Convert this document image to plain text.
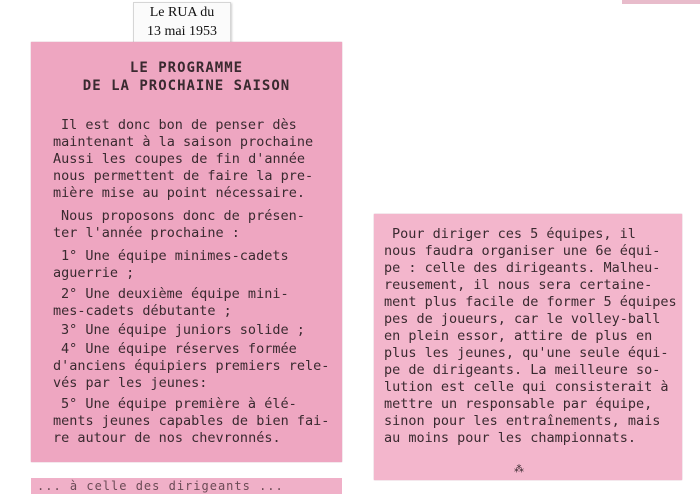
Le RUA du
13 mai 1953
LE PROGRAMME
DE LA PROCHAINE SAISON
Il est donc bon de penser dès
maintenant à la saison prochaine
Aussi les coupes de fin d'année
nous permettent de faire la pre-
mière mise au point nécessaire.
Nous proposons donc de présen-
ter l'année prochaine :
1° Une équipe minimes-cadets
aguerrie ;
2° Une deuxième équipe mini-
mes-cadets débutante ;
3° Une équipe juniors solide ;
4° Une équipe réserves formée
d'anciens équipiers premiers rele-
vés par les jeunes:
5° Une équipe première à élé-
ments jeunes capables de bien fai-
re autour de nos chevronnés.
Pour diriger ces 5 équipes, il
nous faudra organiser une 6e équi-
pe : celle des dirigeants. Malheu-
reusement, il nous sera certaine-
ment plus facile de former 5 équipes
pes de joueurs, car le volley-ball
en plein essor, attire de plus en
plus les jeunes, qu'une seule équi-
pe de dirigeants. La meilleure so-
lution est celle qui consisterait à
mettre un responsable par équipe,
sinon pour les entraînements, mais
au moins pour les championnats.
⁂
... à celle des dirigeants ...
